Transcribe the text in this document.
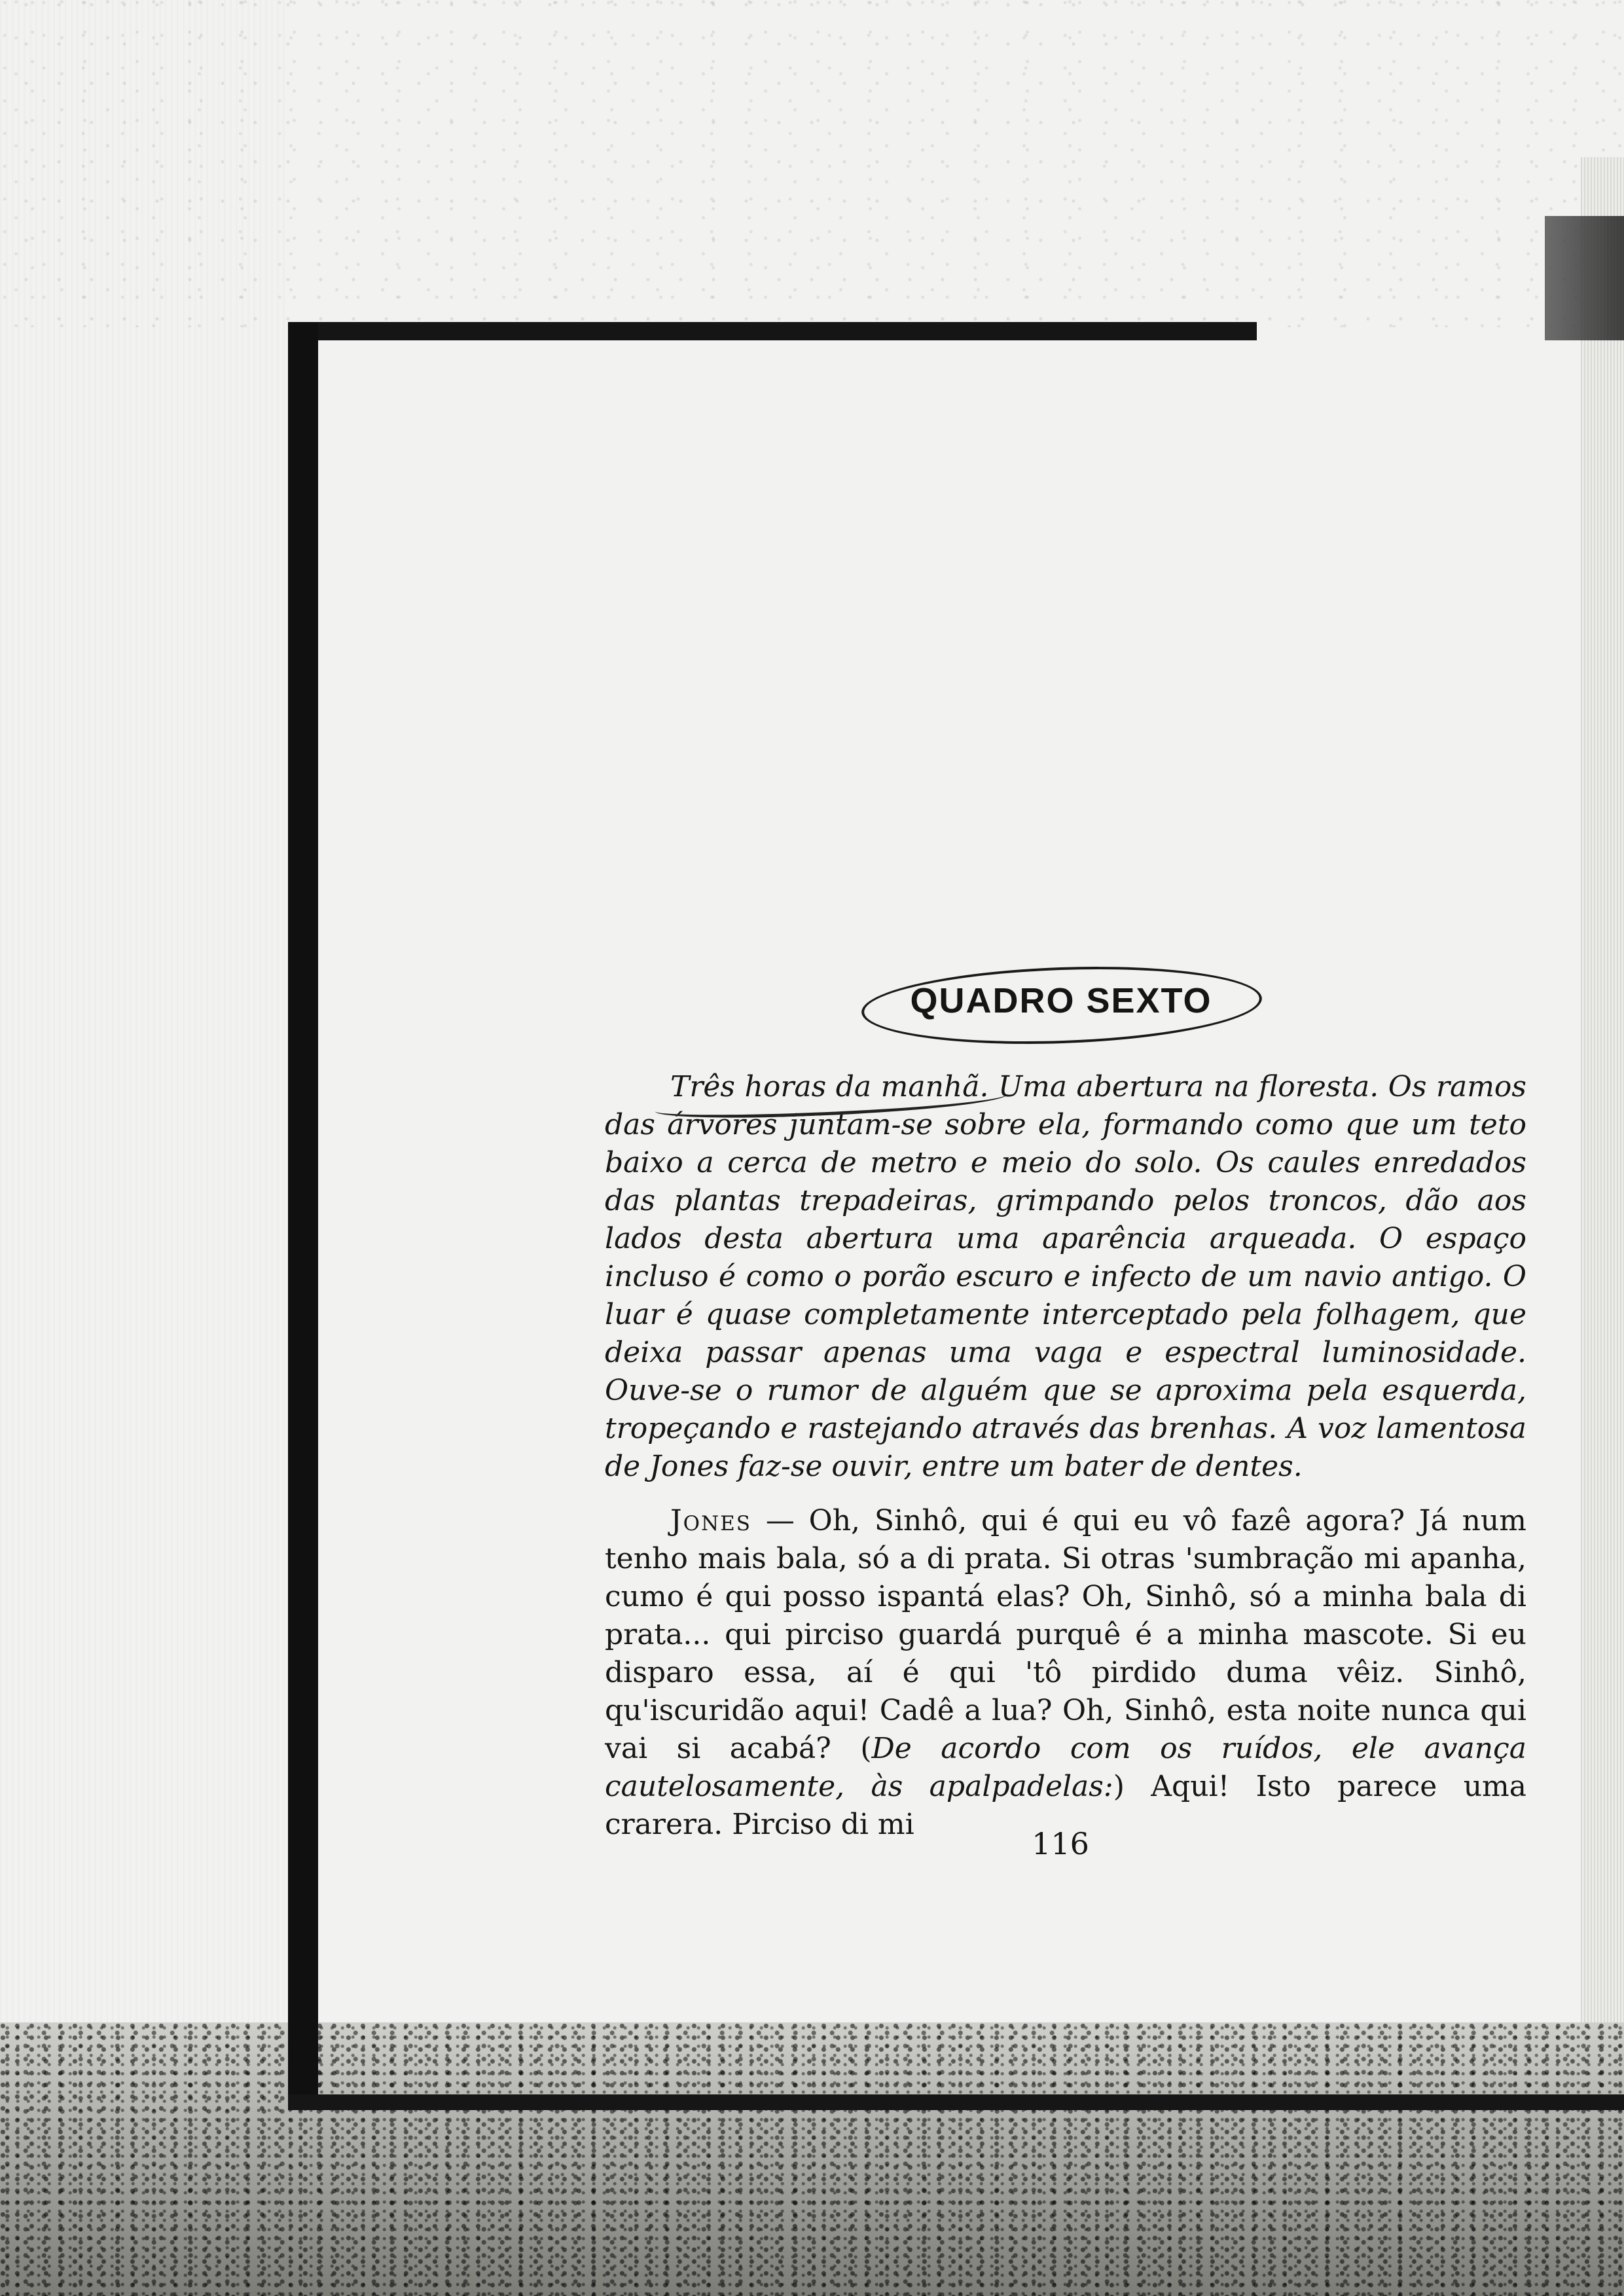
QUADRO SEXTO

Três horas da manhã. Uma abertura na floresta. Os ramos das árvores juntam-se sobre ela, formando como que um teto baixo a cerca de metro e meio do solo. Os caules enredados das plantas trepadeiras, grimpando pelos troncos, dão aos lados desta abertura uma aparência arqueada. O espaço incluso é como o porão escuro e infecto de um navio antigo. O luar é quase completamente interceptado pela folhagem, que deixa passar apenas uma vaga e espectral luminosidade. Ouve-se o rumor de alguém que se aproxima pela esquerda, tropeçando e rastejando através das brenhas. A voz lamentosa de Jones faz-se ouvir, entre um bater de dentes.

Jones — Oh, Sinhô, qui é qui eu vô fazê agora? Já num tenho mais bala, só a di prata. Si otras 'sumbração mi apanha, cumo é qui posso ispantá elas? Oh, Sinhô, só a minha bala di prata... qui pirciso guardá purquê é a minha mascote. Si eu disparo essa, aí é qui 'tô pirdido duma vêiz. Sinhô, qu'iscuridão aqui! Cadê a lua? Oh, Sinhô, esta noite nunca qui vai si acabá? (De acordo com os ruídos, ele avança cautelosamente, às apalpadelas:) Aqui! Isto parece uma crarera. Pirciso di mi

116
